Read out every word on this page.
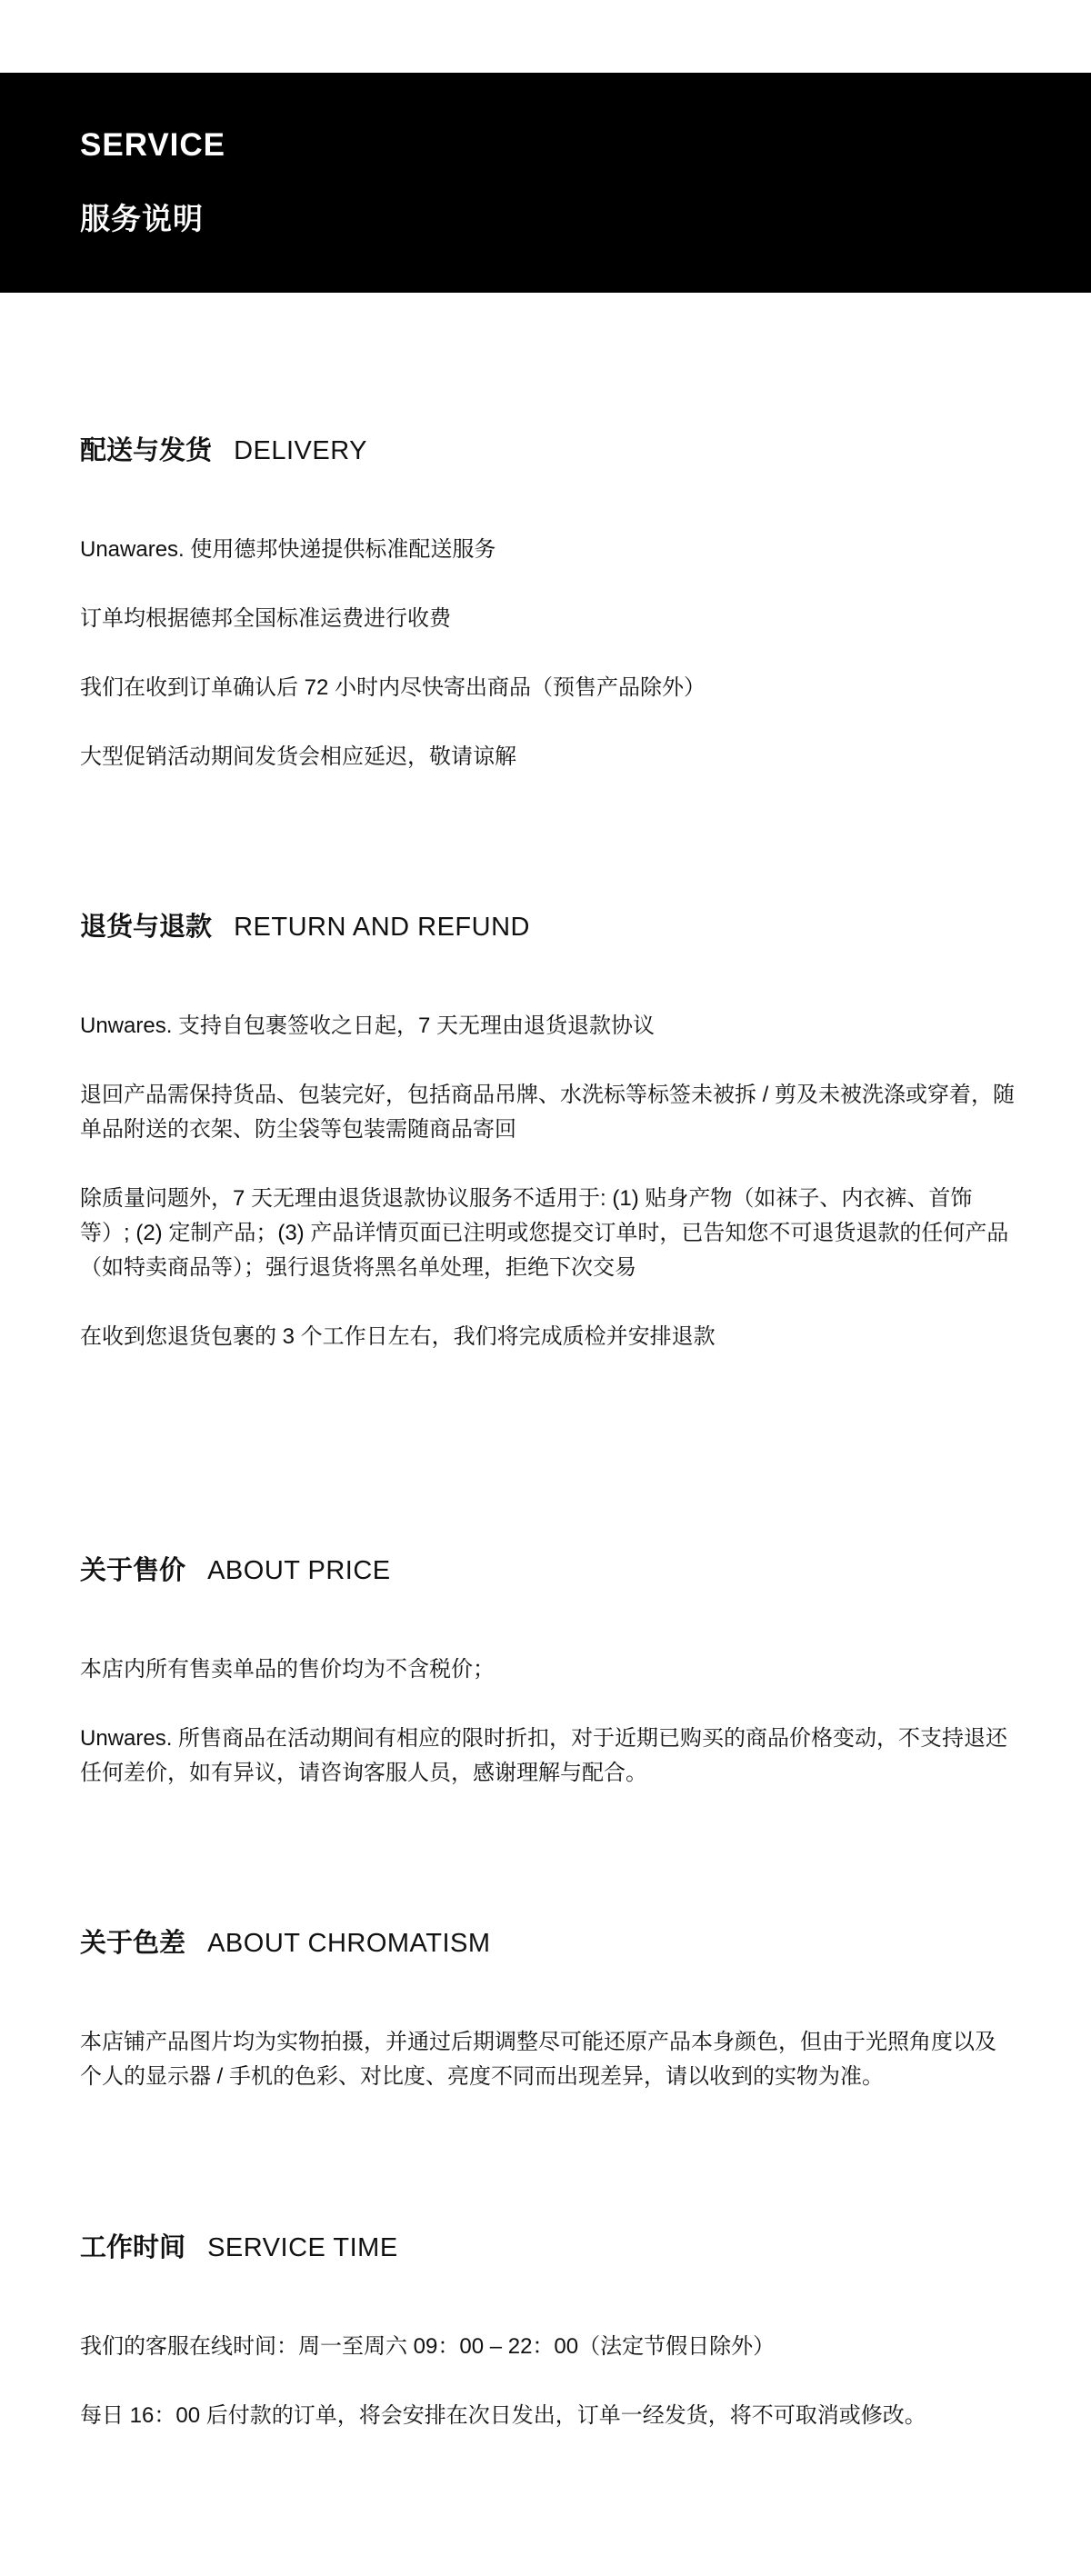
SERVICE
服务说明
配送与发货 DELIVERY

Unawares. 使用德邦快递提供标准配送服务

订单均根据德邦全国标准运费进行收费

我们在收到订单确认后 72 小时内尽快寄出商品（预售产品除外）

大型促销活动期间发货会相应延迟，敬请谅解

退货与退款 RETURN AND REFUND

Unwares. 支持自包裹签收之日起，7 天无理由退货退款协议

退回产品需保持货品、包装完好，包括商品吊牌、水洗标等标签未被拆 / 剪及未被洗涤或穿着，随单品附送的衣架、防尘袋等包装需随商品寄回

除质量问题外，7 天无理由退货退款协议服务不适用于: (1) 贴身产物（如袜子、内衣裤、首饰等）; (2) 定制产品；(3) 产品详情页面已注明或您提交订单时，已告知您不可退货退款的任何产品（如特卖商品等）；强行退货将黑名单处理，拒绝下次交易

在收到您退货包裹的 3 个工作日左右，我们将完成质检并安排退款

关于售价 ABOUT PRICE

本店内所有售卖单品的售价均为不含税价；

Unwares. 所售商品在活动期间有相应的限时折扣，对于近期已购买的商品价格变动，不支持退还任何差价，如有异议，请咨询客服人员，感谢理解与配合。

关于色差 ABOUT CHROMATISM

本店铺产品图片均为实物拍摄，并通过后期调整尽可能还原产品本身颜色，但由于光照角度以及个人的显示器 / 手机的色彩、对比度、亮度不同而出现差异，请以收到的实物为准。

工作时间 SERVICE TIME

我们的客服在线时间：周一至周六 09：00 – 22：00（法定节假日除外）

每日 16：00 后付款的订单，将会安排在次日发出，订单一经发货，将不可取消或修改。
